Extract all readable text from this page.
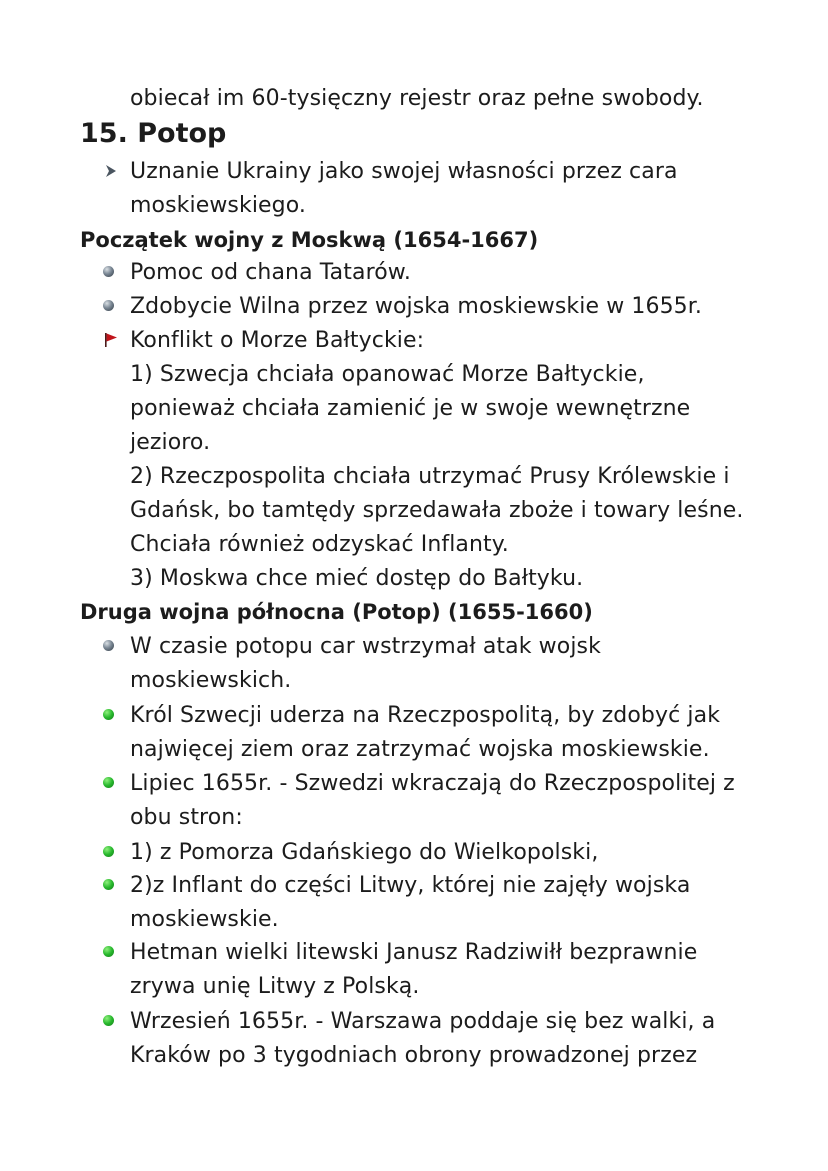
obiecał im 60-tysięczny rejestr oraz pełne swobody.
15. Potop
Uznanie Ukrainy jako swojej własności przez cara
moskiewskiego.
Początek wojny z Moskwą (1654-1667)
Pomoc od chana Tatarów.
Zdobycie Wilna przez wojska moskiewskie w 1655r.
Konflikt o Morze Bałtyckie:
1) Szwecja chciała opanować Morze Bałtyckie,
ponieważ chciała zamienić je w swoje wewnętrzne
jezioro.
2) Rzeczpospolita chciała utrzymać Prusy Królewskie i
Gdańsk, bo tamtędy sprzedawała zboże i towary leśne.
Chciała również odzyskać Inflanty.
3) Moskwa chce mieć dostęp do Bałtyku.
Druga wojna północna (Potop) (1655-1660)
W czasie potopu car wstrzymał atak wojsk
moskiewskich.
Król Szwecji uderza na Rzeczpospolitą, by zdobyć jak
najwięcej ziem oraz zatrzymać wojska moskiewskie.
Lipiec 1655r. - Szwedzi wkraczają do Rzeczpospolitej z
obu stron:
1) z Pomorza Gdańskiego do Wielkopolski,
2)z Inflant do części Litwy, której nie zajęły wojska
moskiewskie.
Hetman wielki litewski Janusz Radziwiłł bezprawnie
zrywa unię Litwy z Polską.
Wrzesień 1655r. - Warszawa poddaje się bez walki, a
Kraków po 3 tygodniach obrony prowadzonej przez
